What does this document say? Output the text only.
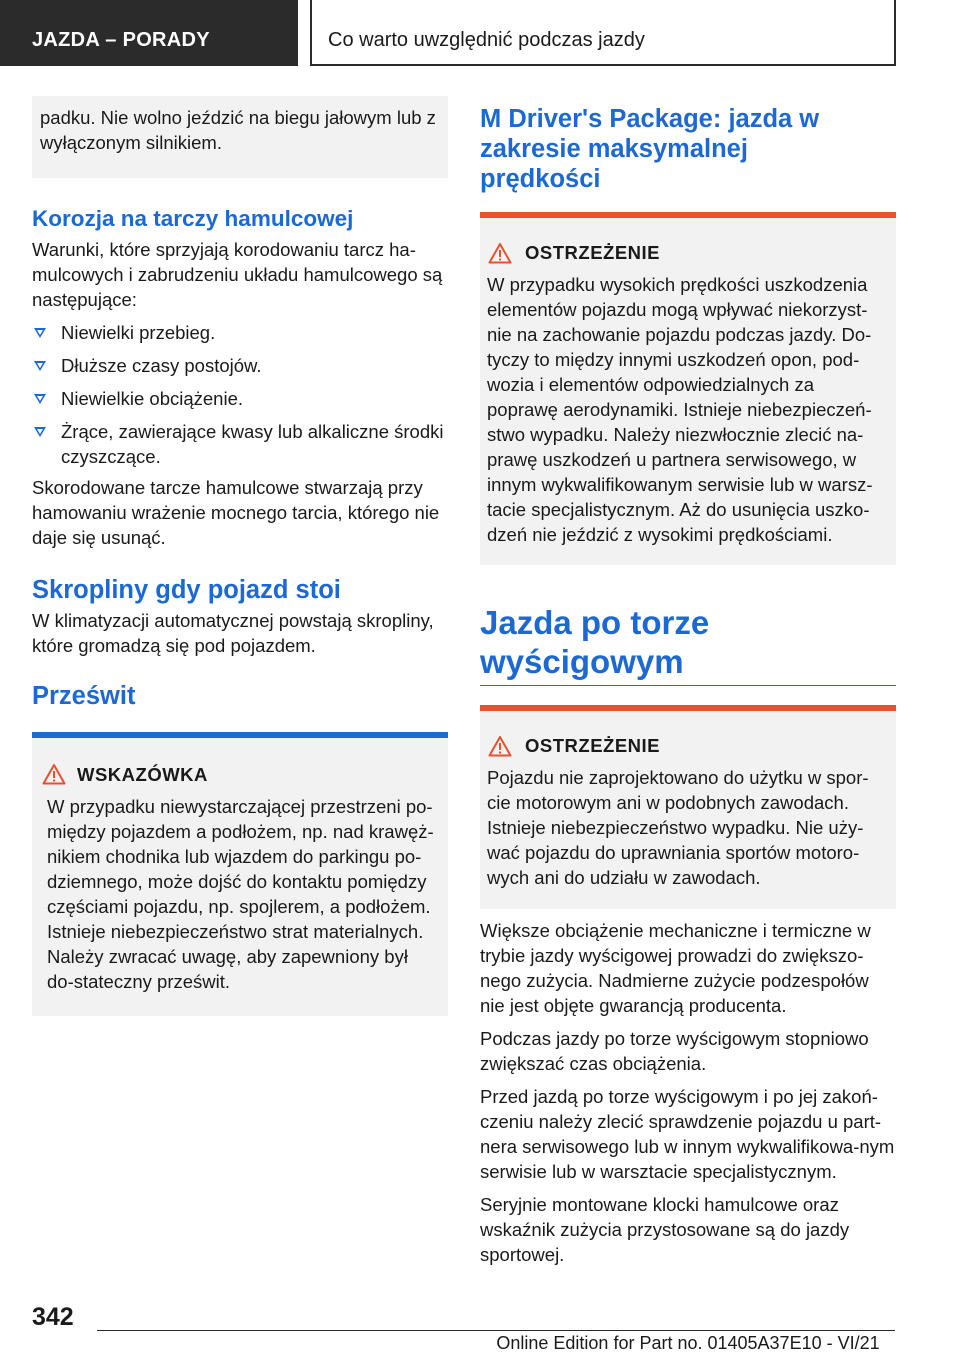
JAZDA – PORADY	Co warto uwzględnić podczas jazdy

padku. Nie wolno jeździć na biegu jałowym lub z wyłączonym silnikiem.

Korozja na tarczy hamulcowej

Warunki, które sprzyjają korodowaniu tarcz ha-mulcowych i zabrudzeniu układu hamulcowego są następujące:

Niewielki przebieg.
Dłuższe czasy postojów.
Niewielkie obciążenie.
Żrące, zawierające kwasy lub alkaliczne środki czyszczące.

Skorodowane tarcze hamulcowe stwarzają przy hamowaniu wrażenie mocnego tarcia, którego nie daje się usunąć.

Skropliny gdy pojazd stoi

W klimatyzacji automatycznej powstają skropliny, które gromadzą się pod pojazdem.

Prześwit
WSKAZÓWKA

W przypadku niewystarczającej przestrzeni po-między pojazdem a podłożem, np. nad krawęż-nikiem chodnika lub wjazdem do parkingu po-dziemnego, może dojść do kontaktu pomiędzy częściami pojazdu, np. spojlerem, a podłożem. Istnieje niebezpieczeństwo strat materialnych. Należy zwracać uwagę, aby zapewniony był do-stateczny prześwit.

M Driver's Package: jazda w zakresie maksymalnej prędkości
OSTRZEŻENIE

W przypadku wysokich prędkości uszkodzenia elementów pojazdu mogą wpływać niekorzyst-nie na zachowanie pojazdu podczas jazdy. Do-tyczy to między innymi uszkodzeń opon, pod-wozia i elementów odpowiedzialnych za poprawę aerodynamiki. Istnieje niebezpieczeń-stwo wypadku. Należy niezwłocznie zlecić na-prawę uszkodzeń u partnera serwisowego, w innym wykwalifikowanym serwisie lub w warsz-tacie specjalistycznym. Aż do usunięcia uszko-dzeń nie jeździć z wysokimi prędkościami.

Jazda po torze wyścigowym
OSTRZEŻENIE

Pojazdu nie zaprojektowano do użytku w spor-cie motorowym ani w podobnych zawodach. Istnieje niebezpieczeństwo wypadku. Nie uży-wać pojazdu do uprawniania sportów motoro-wych ani do udziału w zawodach.

Większe obciążenie mechaniczne i termiczne w trybie jazdy wyścigowej prowadzi do zwiększo-nego zużycia. Nadmierne zużycie podzespołów nie jest objęte gwarancją producenta.

Podczas jazdy po torze wyścigowym stopniowo zwiększać czas obciążenia.

Przed jazdą po torze wyścigowym i po jej zakoń-czeniu należy zlecić sprawdzenie pojazdu u part-nera serwisowego lub w innym wykwalifikowa-nym serwisie lub w warsztacie specjalistycznym.

Seryjnie montowane klocki hamulcowe oraz wskaźnik zużycia przystosowane są do jazdy sportowej.

342
Online Edition for Part no. 01405A37E10 - VI/21
